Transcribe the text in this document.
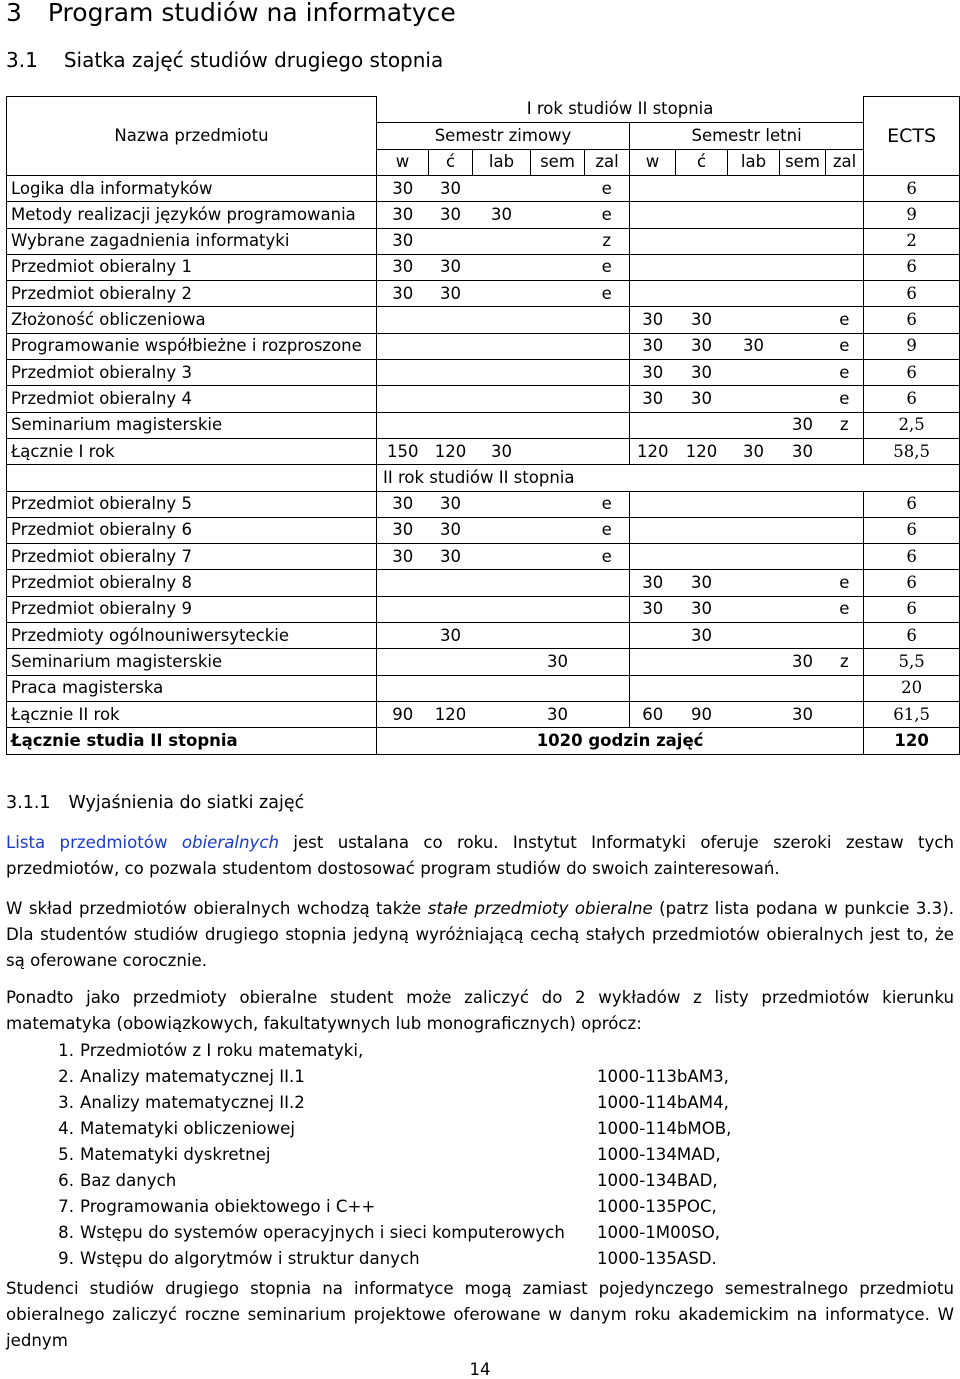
3 Program studiów na informatyce
3.1 Siatka zajęć studiów drugiego stopnia
Nazwa przedmiotu	I rok studiów II stopnia										ECTS
	Semestr zimowy					Semestr letni					
	w	ć	lab	sem	zal	w	ć	lab	sem	zal	
Logika dla informatyków	30	30			e						6
Metody realizacji języków programowania	30	30	30		e						9
Wybrane zagadnienia informatyki	30				z						2
Przedmiot obieralny 1	30	30			e						6
Przedmiot obieralny 2	30	30			e						6
Złożoność obliczeniowa						30	30			e	6
Programowanie współbieżne i rozproszone						30	30	30		e	9
Przedmiot obieralny 3						30	30			e	6
Przedmiot obieralny 4						30	30			e	6
Seminarium magisterskie									30	z	2,5
Łącznie I rok	150	120	30			120	120	30	30		58,5
	II rok studiów II stopnia										
Przedmiot obieralny 5	30	30			e						6
Przedmiot obieralny 6	30	30			e						6
Przedmiot obieralny 7	30	30			e						6
Przedmiot obieralny 8						30	30			e	6
Przedmiot obieralny 9						30	30			e	6
Przedmioty ogólnouniwersyteckie		30					30				6
Seminarium magisterskie				30					30	z	5,5
Praca magisterska											20
Łącznie II rok	90	120		30		60	90		30		61,5
Łącznie studia II stopnia	1020 godzin zajęć										120
3.1.1 Wyjaśnienia do siatki zajęć

Lista przedmiotów obieralnych jest ustalana co roku. Instytut Informatyki oferuje szeroki zestaw tych przedmiotów, co pozwala studentom dostosować program studiów do swoich zainteresowań.

W skład przedmiotów obieralnych wchodzą także stałe przedmioty obieralne (patrz lista podana w punkcie 3.3). Dla studentów studiów drugiego stopnia jedyną wyróżniającą cechą stałych przedmiotów obieralnych jest to, że są oferowane corocznie.

Ponadto jako przedmioty obieralne student może zaliczyć do 2 wykładów z listy przedmiotów kierunku matematyka (obowiązkowych, fakultatywnych lub monograficznych) oprócz:

1. Przedmiotów z I roku matematyki,
2. Analizy matematycznej II.1	1000-113bAM3,
3. Analizy matematycznej II.2	1000-114bAM4,
4. Matematyki obliczeniowej	1000-114bMOB,
5. Matematyki dyskretnej	1000-134MAD,
6. Baz danych	1000-134BAD,
7. Programowania obiektowego i C++	1000-135POC,
8. Wstępu do systemów operacyjnych i sieci komputerowych	1000-1M00SO,
9. Wstępu do algorytmów i struktur danych	1000-135ASD.

Studenci studiów drugiego stopnia na informatyce mogą zamiast pojedynczego semestralnego przedmiotu obieralnego zaliczyć roczne seminarium projektowe oferowane w danym roku akademickim na informatyce. W jednym

14
